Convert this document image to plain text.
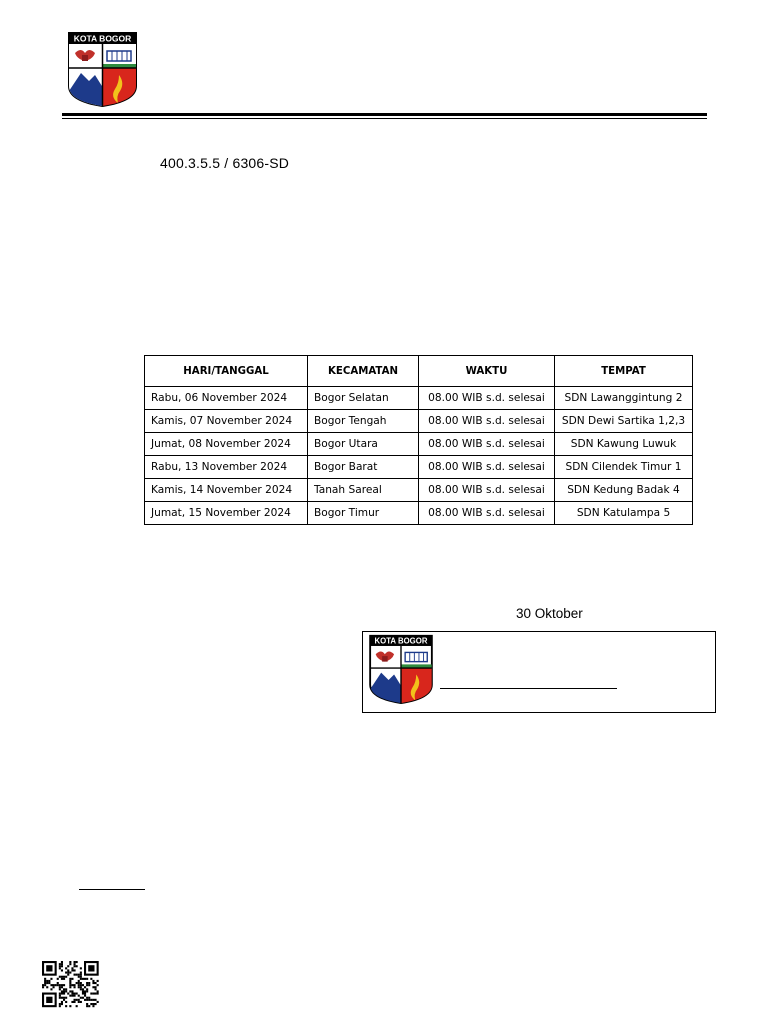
KOTA BOGOR
400.3.5.5 / 6306-SD
HARI/TANGGAL	KECAMATAN	WAKTU	TEMPAT
Rabu, 06 November 2024	Bogor Selatan	08.00 WIB s.d. selesai	SDN Lawanggintung 2
Kamis, 07 November 2024	Bogor Tengah	08.00 WIB s.d. selesai	SDN Dewi Sartika 1,2,3
Jumat, 08 November 2024	Bogor Utara	08.00 WIB s.d. selesai	SDN Kawung Luwuk
Rabu, 13 November 2024	Bogor Barat	08.00 WIB s.d. selesai	SDN Cilendek Timur 1
Kamis, 14 November 2024	Tanah Sareal	08.00 WIB s.d. selesai	SDN Kedung Badak 4
Jumat, 15 November 2024	Bogor Timur	08.00 WIB s.d. selesai	SDN Katulampa 5
30 Oktober
KOTA BOGOR
